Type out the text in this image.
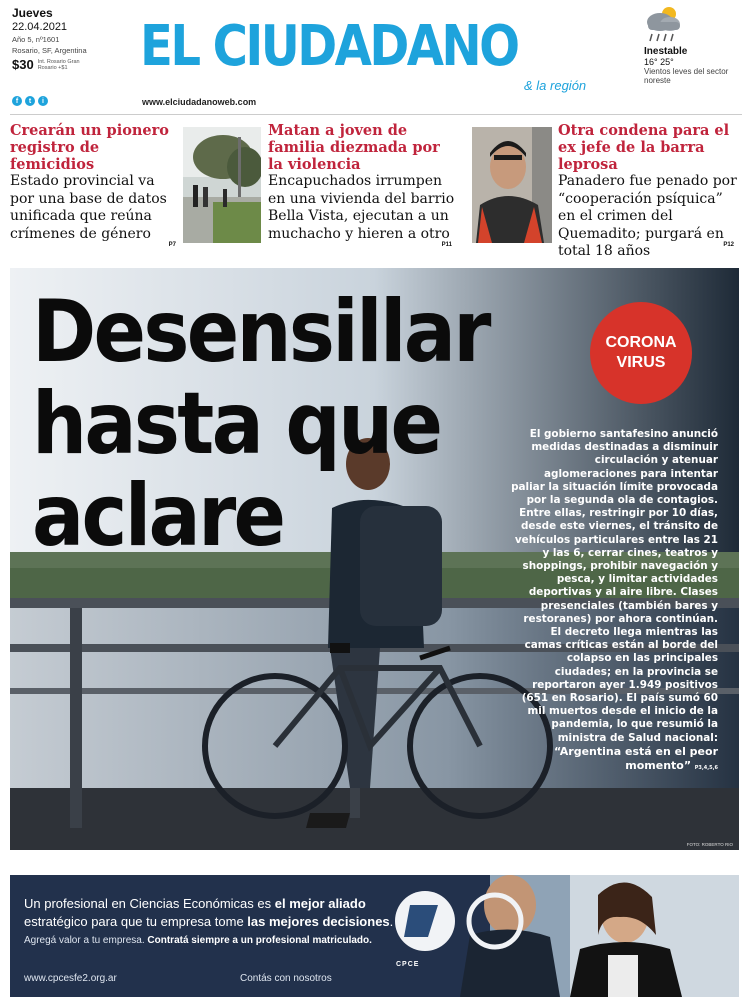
Jueves
22.04.2021
Año 5, nº1601
Rosario, SF, Argentina
$30 Int. Rosario Gran Rosario +$1
f	t	i
EL CIUDADANO
& la región
www.elciudadanoweb.com
Inestable
16° 25°
Vientos leves del sector noreste
Crearán un pionero registro de femicidios
Estado provincial va por una base de datos unificada que reúna crímenes de género
P7
Matan a joven de familia diezmada por la violencia
Encapuchados irrumpen en una vivienda del barrio Bella Vista, ejecutan a un muchacho y hieren a otro
P11
Otra condena para el ex jefe de la barra leprosa
Panadero fue penado por “cooperación psíquica” en el crimen del Quemadito; purgará en total 18 años	P12
Desensillar
hasta que
aclare
CORONA
VIRUS
El gobierno santafesino anunció medidas destinadas a disminuir circulación y atenuar aglomeraciones para intentar paliar la situación límite provocada por la segunda ola de contagios. Entre ellas, restringir por 10 días, desde este viernes, el tránsito de vehículos particulares entre las 21 y las 6, cerrar cines, teatros y shoppings, prohibir navegación y pesca, y limitar actividades deportivas y al aire libre. Clases presenciales (también bares y restoranes) por ahora continúan. El decreto llega mientras las camas críticas están al borde del colapso en las principales ciudades; en la provincia se reportaron ayer 1.949 positivos (651 en Rosario). El país sumó 60 mil muertos desde el inicio de la pandemia, lo que resumió la ministra de Salud nacional: “Argentina está en el peor momento” P3,4,5,6
FOTO: ROBERTO RIO
CPCE
Un profesional en Ciencias Económicas es el mejor aliado estratégico para que tu empresa tome las mejores decisiones.
Agregá valor a tu empresa. Contratá siempre a un profesional matriculado.
www.cpcesfe2.org.ar	Contás con nosotros
